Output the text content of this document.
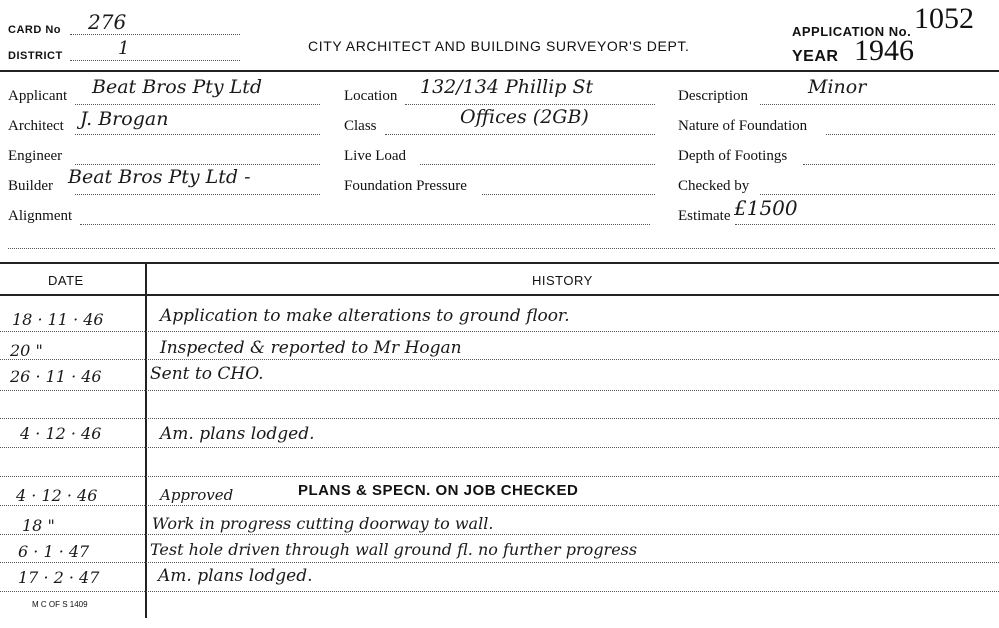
CARD No 276
DISTRICT	1	CITY ARCHITECT AND BUILDING SURVEYOR'S DEPT.
APPLICATION No. 1052
YEAR 1946
Applicant Beat Bros Pty Ltd
Architect J. Brogan
Engineer
Builder Beat Bros Pty Ltd -
Alignment
Location 132/134 Phillip St
Class	Offices (2GB)
Live Load
Foundation Pressure
Description	Minor
Nature of Foundation
Depth of Footings
Checked by
Estimate £1500
DATE	HISTORY
18 · 11 · 46	Application to make alterations to ground floor.
20 "	Inspected & reported to Mr Hogan
26 · 11 · 46	Sent to CHO.
4 · 12 · 46	Am. plans lodged.
4 · 12 · 46	Approved	PLANS & SPECN. ON JOB CHECKED
18 "	Work in progress cutting doorway to wall.
6 · 1 · 47	Test hole driven through wall ground fl. no further progress
17 · 2 · 47	Am. plans lodged.
M C OF S 1409
